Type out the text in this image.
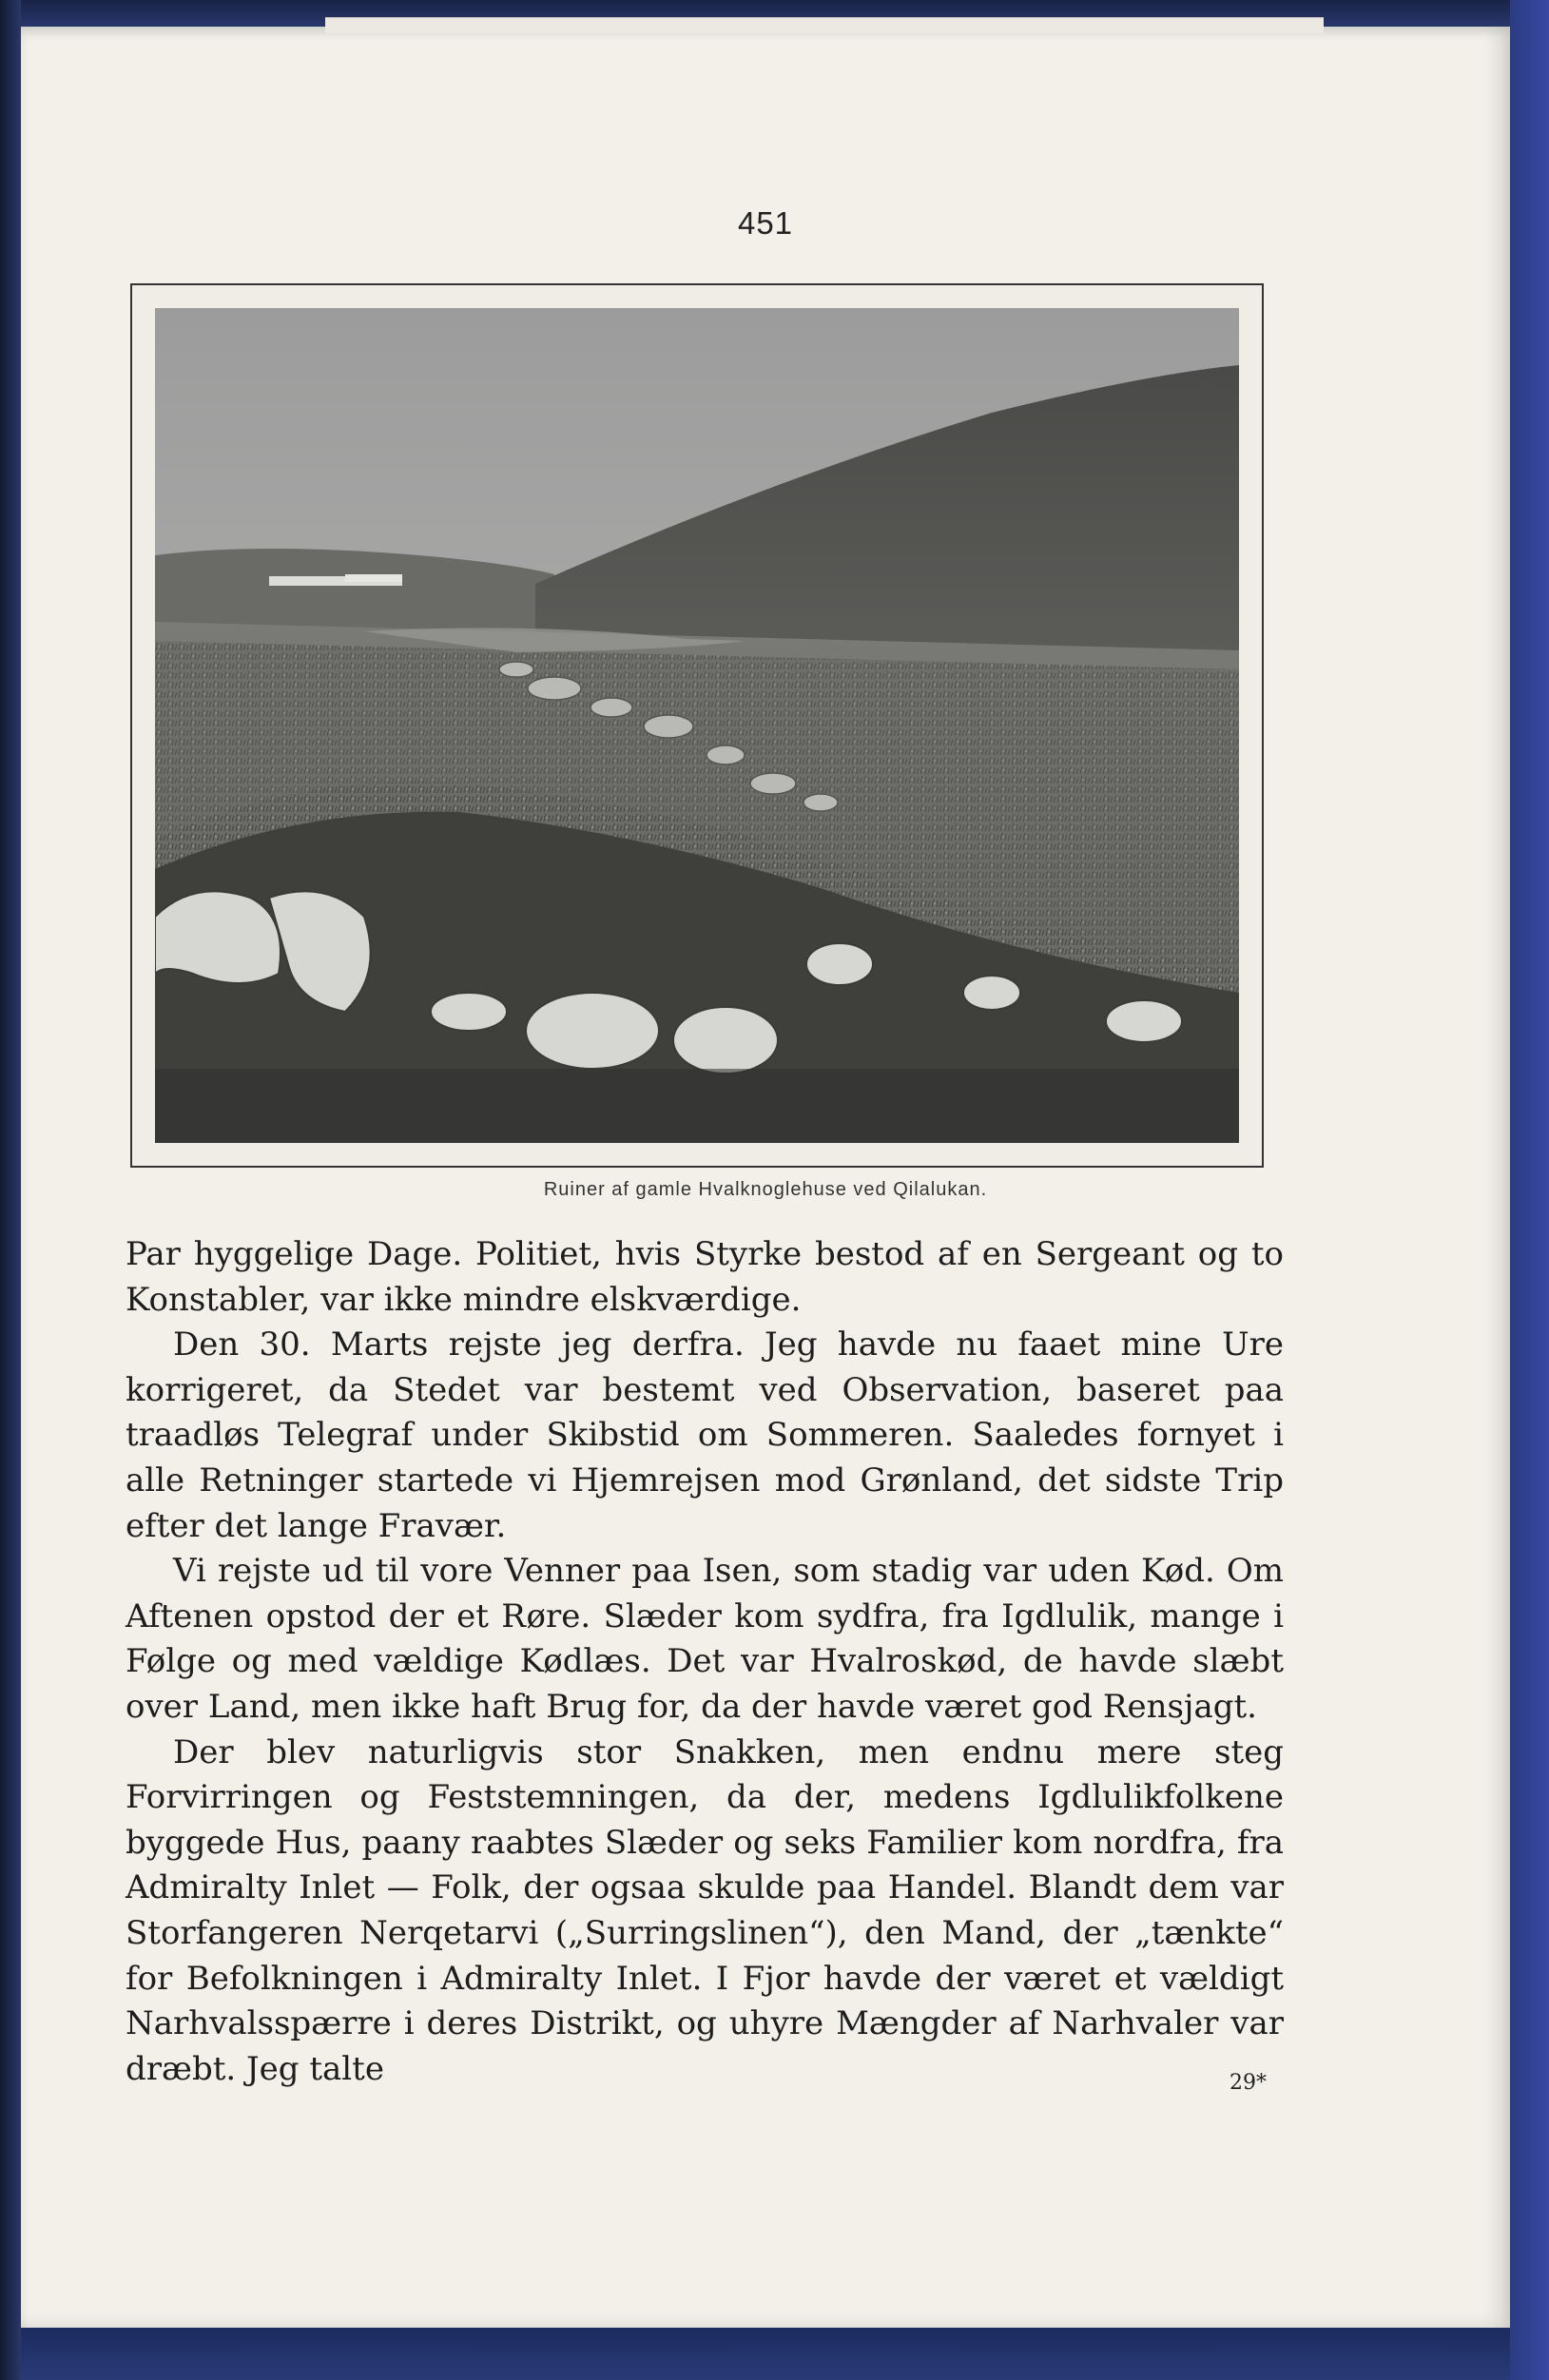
451
Ruiner af gamle Hvalknoglehuse ved Qilalukan.

Par hyggelige Dage. Politiet, hvis Styrke bestod af en Sergeant og to Konstabler, var ikke mindre elskværdige.

Den 30. Marts rejste jeg derfra. Jeg havde nu faaet mine Ure korrigeret, da Stedet var bestemt ved Observation, baseret paa traadløs Telegraf under Skibstid om Sommeren. Saaledes fornyet i alle Retninger startede vi Hjemrejsen mod Grønland, det sidste Trip efter det lange Fravær.

Vi rejste ud til vore Venner paa Isen, som stadig var uden Kød. Om Aftenen opstod der et Røre. Slæder kom sydfra, fra Igdlulik, mange i Følge og med vældige Kødlæs. Det var Hvalroskød, de havde slæbt over Land, men ikke haft Brug for, da der havde været god Rensjagt.

Der blev naturligvis stor Snakken, men endnu mere steg Forvirringen og Feststemningen, da der, medens Igdlulikfolkene byggede Hus, paany raabtes Slæder og seks Familier kom nordfra, fra Admiralty Inlet — Folk, der ogsaa skulde paa Handel. Blandt dem var Storfangeren Nerqetarvi („Surringslinen“), den Mand, der „tænkte“ for Befolkningen i Admiralty Inlet. I Fjor havde der været et vældigt Narhvalsspærre i deres Distrikt, og uhyre Mængder af Narhvaler var dræbt. Jeg talte	29*
